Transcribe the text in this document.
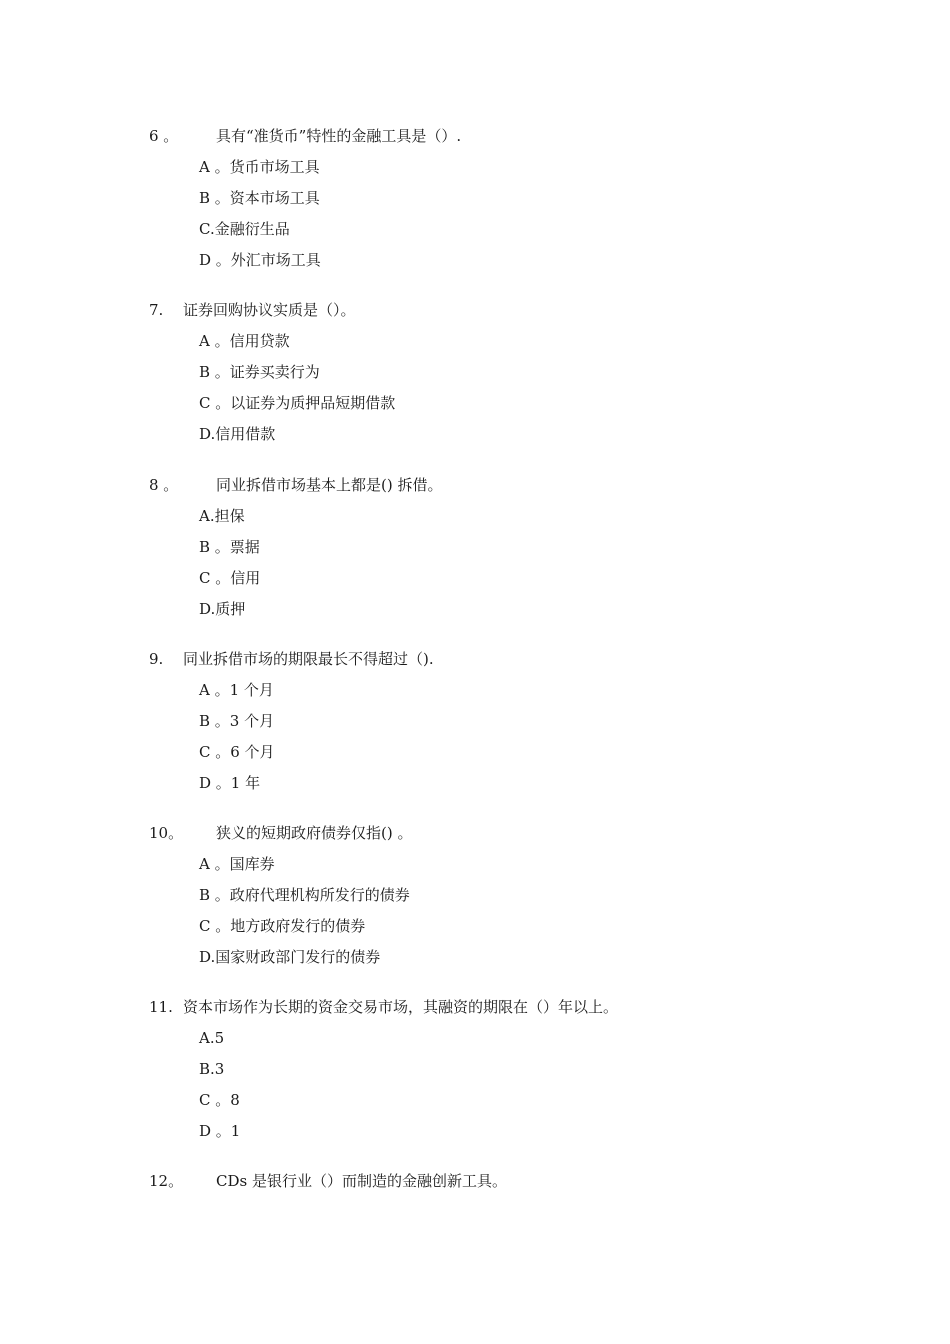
6 。	具有“准货币”特性的金融工具是（）.
A 。货币市场工具
B 。资本市场工具
C.金融衍生品
D 。外汇市场工具
7. 证券回购协议实质是（）。
A 。信用贷款
B 。证券买卖行为
C 。以证券为质押品短期借款
D.信用借款
8 。	同业拆借市场基本上都是() 拆借。
A.担保
B 。票据
C 。信用
D.质押
9. 同业拆借市场的期限最长不得超过（).
A 。1 个月
B 。3 个月
C 。6 个月
D 。1 年
10。 狭义的短期政府债券仅指() 。
A 。国库券
B 。政府代理机构所发行的债券
C 。地方政府发行的债券
D.国家财政部门发行的债券
11. 资本市场作为长期的资金交易市场，其融资的期限在（）年以上。
A.5
B.3
C 。8
D 。1
12。 CDs 是银行业（）而制造的金融创新工具。
